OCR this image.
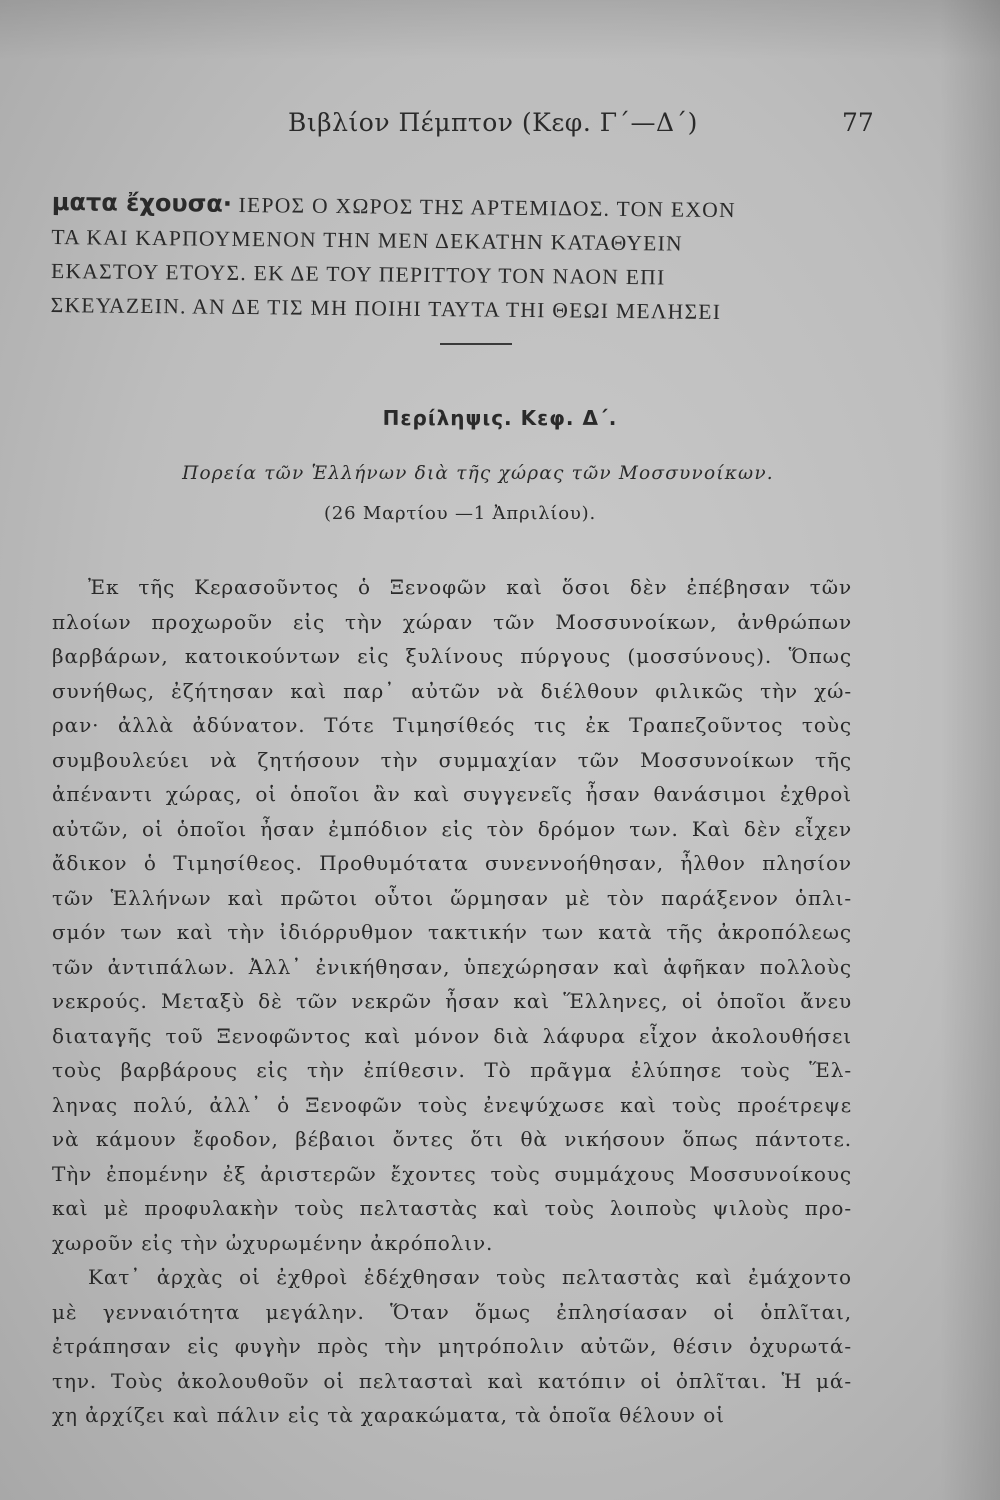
Βιβλίον Πέμπτον (Κεφ. Γ΄—Δ΄)	77
ματα ἔχουσα· ΙΕΡΟΣ Ο ΧΩΡΟΣ ΤΗΣ ΑΡΤΕΜΙΔΟΣ. ΤΟΝ ΕΧΟΝ
ΤΑ ΚΑΙ ΚΑΡΠΟΥΜΕΝΟΝ ΤΗΝ ΜΕΝ ΔΕΚΑΤΗΝ ΚΑΤΑΘΥΕΙΝ
ΕΚΑΣΤΟΥ ΕΤΟΥΣ. ΕΚ ΔΕ ΤΟΥ ΠΕΡΙΤΤΟΥ ΤΟΝ ΝΑΟΝ ΕΠΙ
ΣΚΕΥΑΖΕΙΝ. ΑΝ ΔΕ ΤΙΣ ΜΗ ΠΟΙΗΙ ΤΑΥΤΑ ΤΗΙ ΘΕΩΙ ΜΕΛΗΣΕΙ
Περίληψις. Κεφ. Δ΄.
Πορεία τῶν Ἑλλήνων διὰ τῆς χώρας τῶν Μοσσυνοίκων.
(26 Μαρτίου —1 Ἀπριλίου).
Ἐκ τῆς Κερασοῦντος ὁ Ξενοφῶν καὶ ὅσοι δὲν ἐπέβησαν τῶν
πλοίων προχωροῦν εἰς τὴν χώραν τῶν Μοσσυνοίκων, ἀνθρώπων
βαρβάρων, κατοικούντων εἰς ξυλίνους πύργους (μοσσύνους). Ὅπως
συνήθως, ἐζήτησαν καὶ παρ᾽ αὐτῶν νὰ διέλθουν φιλικῶς τὴν χώ-
ραν· ἀλλὰ ἀδύνατον. Τότε Τιμησίθεός τις ἐκ Τραπεζοῦντος τοὺς
συμβουλεύει νὰ ζητήσουν τὴν συμμαχίαν τῶν Μοσσυνοίκων τῆς
ἀπέναντι χώρας, οἱ ὁποῖοι ἂν καὶ συγγενεῖς ἦσαν θανάσιμοι ἐχθροὶ
αὐτῶν, οἱ ὁποῖοι ἦσαν ἐμπόδιον εἰς τὸν δρόμον των. Καὶ δὲν εἶχεν
ἄδικον ὁ Τιμησίθεος. Προθυμότατα συνεννοήθησαν, ἦλθον πλησίον
τῶν Ἑλλήνων καὶ πρῶτοι οὗτοι ὥρμησαν μὲ τὸν παράξενον ὁπλι-
σμόν των καὶ τὴν ἰδιόρρυθμον τακτικήν των κατὰ τῆς ἀκροπόλεως
τῶν ἀντιπάλων. Ἀλλ᾽ ἐνικήθησαν, ὑπεχώρησαν καὶ ἀφῆκαν πολλοὺς
νεκρούς. Μεταξὺ δὲ τῶν νεκρῶν ἦσαν καὶ Ἕλληνες, οἱ ὁποῖοι ἄνευ
διαταγῆς τοῦ Ξενοφῶντος καὶ μόνον διὰ λάφυρα εἶχον ἀκολουθήσει
τοὺς βαρβάρους εἰς τὴν ἐπίθεσιν. Τὸ πρᾶγμα ἐλύπησε τοὺς Ἕλ-
ληνας πολύ, ἀλλ᾽ ὁ Ξενοφῶν τοὺς ἐνεψύχωσε καὶ τοὺς προέτρεψε
νὰ κάμουν ἔφοδον, βέβαιοι ὄντες ὅτι θὰ νικήσουν ὅπως πάντοτε.
Τὴν ἐπομένην ἐξ ἀριστερῶν ἔχοντες τοὺς συμμάχους Μοσσυνοίκους
καὶ μὲ προφυλακὴν τοὺς πελταστὰς καὶ τοὺς λοιποὺς ψιλοὺς προ-
χωροῦν εἰς τὴν ὠχυρωμένην ἀκρόπολιν.
Κατ᾽ ἀρχὰς οἱ ἐχθροὶ ἐδέχθησαν τοὺς πελταστὰς καὶ ἐμάχοντο
μὲ γενναιότητα μεγάλην. Ὅταν ὅμως ἐπλησίασαν οἱ ὁπλῖται,
ἐτράπησαν εἰς φυγὴν πρὸς τὴν μητρόπολιν αὐτῶν, θέσιν ὀχυρωτά-
την. Τοὺς ἀκολουθοῦν οἱ πελτασταὶ καὶ κατόπιν οἱ ὁπλῖται. Ἡ μά-
χη ἀρχίζει καὶ πάλιν εἰς τὰ χαρακώματα, τὰ ὁποῖα θέλουν οἱ
